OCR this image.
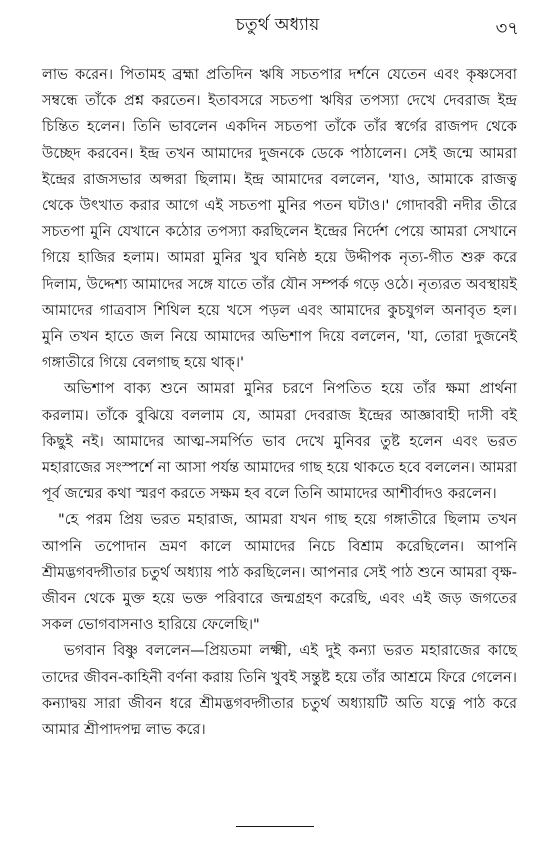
চতুর্থ অধ্যায়	৩৭

লাভ করেন। পিতামহ ব্রহ্মা প্রতিদিন ঋষি সচতপার দর্শনে যেতেন এবং কৃষ্ণসেবা সম্বন্ধে তাঁকে প্রশ্ন করতেন। ইতাবসরে সচতপা ঋষির তপস্যা দেখে দেবরাজ ইন্দ্র চিন্তিত হলেন। তিনি ভাবলেন একদিন সচতপা তাঁকে তাঁর স্বর্গের রাজপদ থেকে উচ্ছেদ করবেন। ইন্দ্র তখন আমাদের দুজনকে ডেকে পাঠালেন। সেই জন্মে আমরা ইন্দ্রের রাজসভার অপ্সরা ছিলাম। ইন্দ্র আমাদের বললেন, 'যাও, আমাকে রাজত্ব থেকে উৎখাত করার আগে এই সচতপা মুনির পতন ঘটাও।' গোদাবরী নদীর তীরে সচতপা মুনি যেখানে কঠোর তপস্যা করছিলেন ইন্দ্রের নির্দেশ পেয়ে আমরা সেখানে গিয়ে হাজির হলাম। আমরা মুনির খুব ঘনিষ্ঠ হয়ে উদ্দীপক নৃত্য-গীত শুরু করে দিলাম, উদ্দেশ্য আমাদের সঙ্গে যাতে তাঁর যৌন সম্পর্ক গড়ে ওঠে। নৃত্যরত অবস্থায়ই আমাদের গাত্রবাস শিথিল হয়ে খসে পড়ল এবং আমাদের কুচযুগল অনাবৃত হল। মুনি তখন হাতে জল নিয়ে আমাদের অভিশাপ দিয়ে বললেন, 'যা, তোরা দুজনেই গঙ্গাতীরে গিয়ে বেলগাছ হয়ে থাক্।'

অভিশাপ বাক্য শুনে আমরা মুনির চরণে নিপতিত হয়ে তাঁর ক্ষমা প্রার্থনা করলাম। তাঁকে বুঝিয়ে বললাম যে, আমরা দেবরাজ ইন্দ্রের আজ্ঞাবাহী দাসী বই কিছুই নই। আমাদের আত্ম-সমর্পিত ভাব দেখে মুনিবর তুষ্ট হলেন এবং ভরত মহারাজের সংস্পর্শে না আসা পর্যন্ত আমাদের গাছ হয়ে থাকতে হবে বললেন। আমরা পূর্ব জন্মের কথা স্মরণ করতে সক্ষম হব বলে তিনি আমাদের আশীর্বাদও করলেন।

"হে পরম প্রিয় ভরত মহারাজ, আমরা যখন গাছ হয়ে গঙ্গাতীরে ছিলাম তখন আপনি তপোদান ভ্রমণ কালে আমাদের নিচে বিশ্রাম করেছিলেন। আপনি শ্রীমদ্ভগবদ্গীতার চতুর্থ অধ্যায় পাঠ করছিলেন। আপনার সেই পাঠ শুনে আমরা বৃক্ষ-জীবন থেকে মুক্ত হয়ে ভক্ত পরিবারে জন্মগ্রহণ করেছি, এবং এই জড় জগতের সকল ভোগবাসনাও হারিয়ে ফেলেছি।"

ভগবান বিষ্ণু বললেন—প্রিয়তমা লক্ষ্মী, এই দুই কন্যা ভরত মহারাজের কাছে তাদের জীবন-কাহিনী বর্ণনা করায় তিনি খুবই সন্তুষ্ট হয়ে তাঁর আশ্রমে ফিরে গেলেন। কন্যাদ্বয় সারা জীবন ধরে শ্রীমদ্ভগবদ্গীতার চতুর্থ অধ্যায়টি অতি যত্নে পাঠ করে আমার শ্রীপাদপদ্ম লাভ করে।
